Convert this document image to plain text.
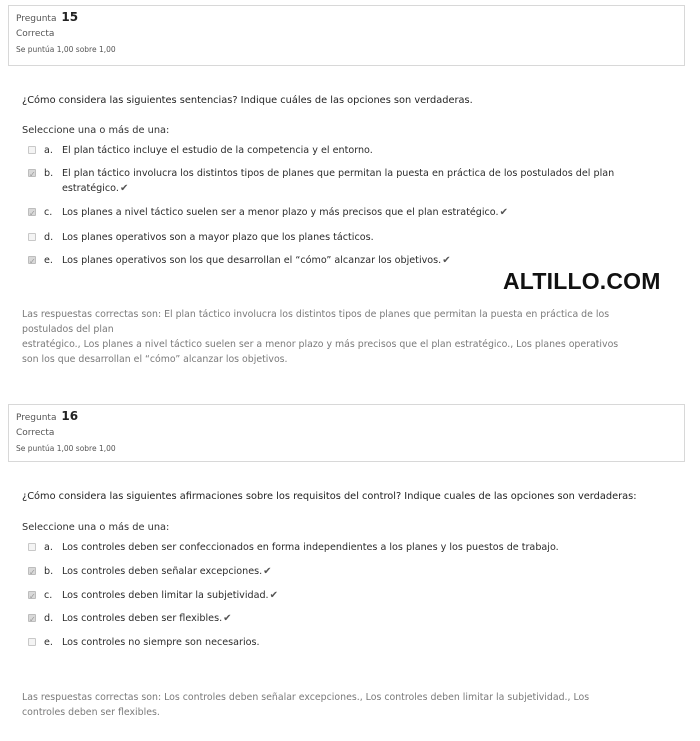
Pregunta 15
Correcta
Se puntúa 1,00 sobre 1,00
¿Cómo considera las siguientes sentencias? Indique cuáles de las opciones son verdaderas.
Seleccione una o más de una:
a. El plan táctico incluye el estudio de la competencia y el entorno.
✓
b. El plan táctico involucra los distintos tipos de planes que permitan la puesta en práctica de los postulados del plan estratégico.✔
✓
c. Los planes a nivel táctico suelen ser a menor plazo y más precisos que el plan estratégico.✔
d. Los planes operativos son a mayor plazo que los planes tácticos.
✓
e. Los planes operativos son los que desarrollan el “cómo” alcanzar los objetivos.✔
ALTILLO.COM
Las respuestas correctas son: El plan táctico involucra los distintos tipos de planes que permitan la puesta en práctica de los
postulados del plan
estratégico., Los planes a nivel táctico suelen ser a menor plazo y más precisos que el plan estratégico., Los planes operativos
son los que desarrollan el “cómo” alcanzar los objetivos.
Pregunta 16
Correcta
Se puntúa 1,00 sobre 1,00
¿Cómo considera las siguientes afirmaciones sobre los requisitos del control? Indique cuales de las opciones son verdaderas:
Seleccione una o más de una:
a. Los controles deben ser confeccionados en forma independientes a los planes y los puestos de trabajo.
✓
b. Los controles deben señalar excepciones.✔
✓
c. Los controles deben limitar la subjetividad.✔
✓
d. Los controles deben ser flexibles.✔
e. Los controles no siempre son necesarios.
Las respuestas correctas son: Los controles deben señalar excepciones., Los controles deben limitar la subjetividad., Los
controles deben ser flexibles.
